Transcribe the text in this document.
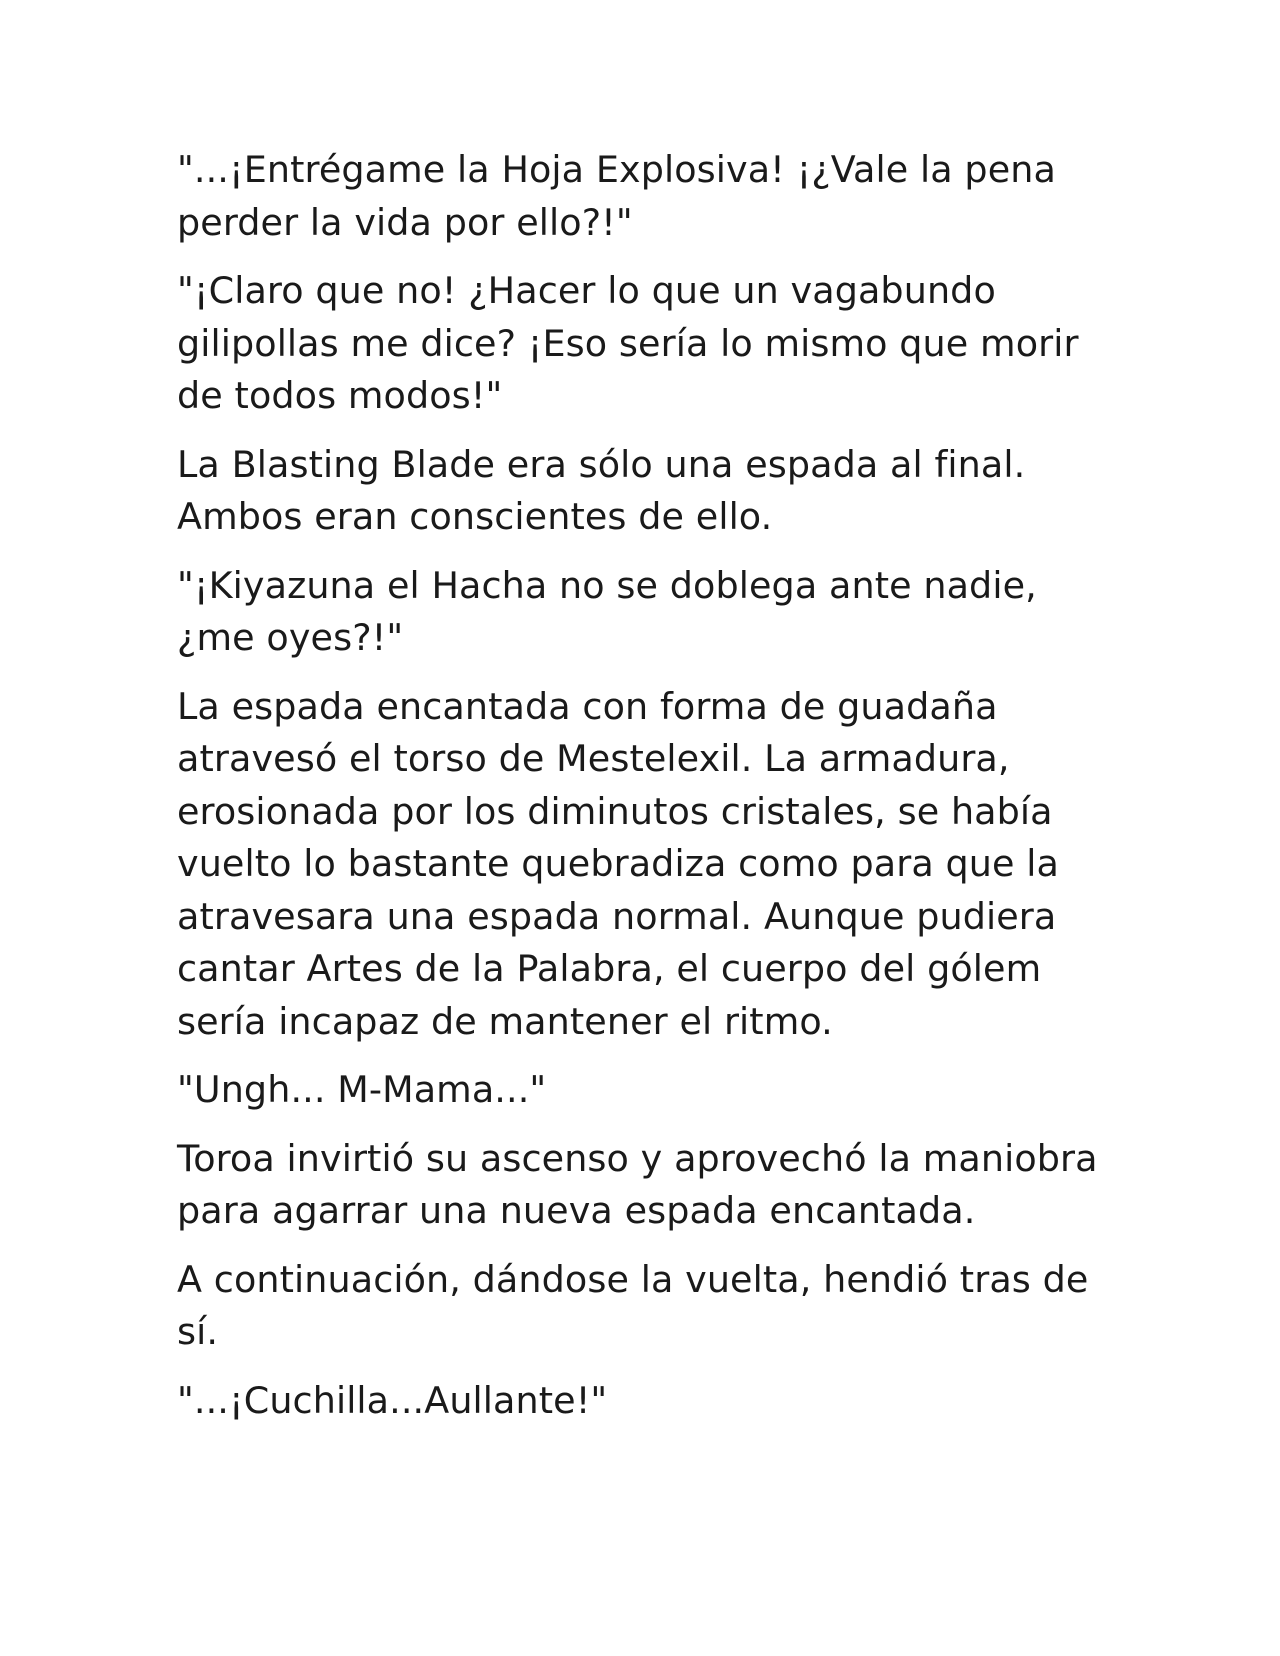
"...¡Entrégame la Hoja Explosiva! ¡¿Vale la pena perder la vida por ello?!"

"¡Claro que no! ¿Hacer lo que un vagabundo gilipollas me dice? ¡Eso sería lo mismo que morir de todos modos!"

La Blasting Blade era sólo una espada al final. Ambos eran conscientes de ello.

"¡Kiyazuna el Hacha no se doblega ante nadie, ¿me oyes?!"

La espada encantada con forma de guadaña atravesó el torso de Mestelexil. La armadura, erosionada por los diminutos cristales, se había vuelto lo bastante quebradiza como para que la atravesara una espada normal. Aunque pudiera cantar Artes de la Palabra, el cuerpo del gólem sería incapaz de mantener el ritmo.

"Ungh... M-Mama..."

Toroa invirtió su ascenso y aprovechó la maniobra para agarrar una nueva espada encantada.

A continuación, dándose la vuelta, hendió tras de sí.

"...¡Cuchilla...Aullante!"
